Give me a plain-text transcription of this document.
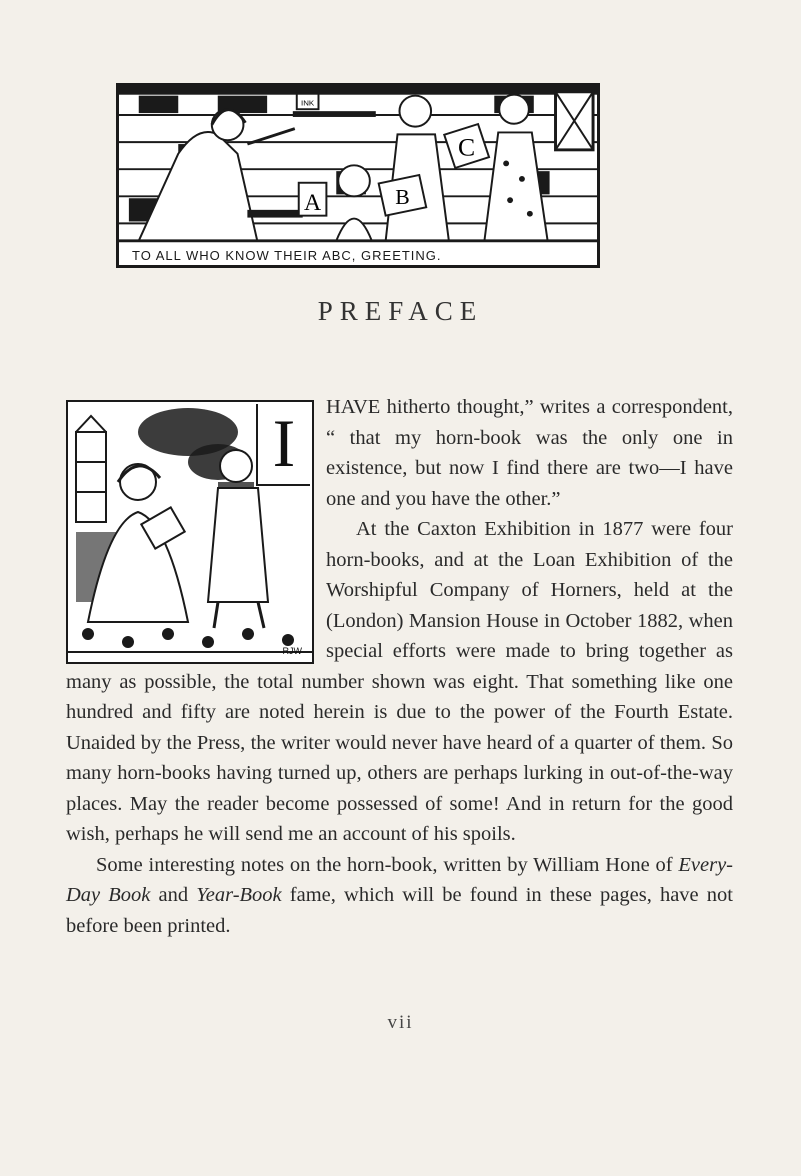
INK
A	B
C
TO ALL WHO KNOW THEIR ABC, GREETING.
PREFACE

HAVE hitherto thought,” writes a correspondent, “ that my horn-book was the only one in existence, but now I find there are two—I have one and you have the other.”

At the Caxton Exhibition in 1877 were four horn-books, and at the Loan Exhibition of the Worshipful Company of Horners, held at the (London) Mansion House in October 1882, when special efforts were made to bring together as many as possible, the total number shown was eight. That something like one hundred and fifty are noted herein is due to the power of the Fourth Estate. Unaided by the Press, the writer would never have heard of a quarter of them. So many horn-books having turned up, others are perhaps lurking in out-of-the-way places. May the reader become possessed of some! And in return for the good wish, perhaps he will send me an account of his spoils.

Some interesting notes on the horn-book, written by William Hone of Every-Day Book and Year-Book fame, which will be found in these pages, have not before been printed.

I
RJW
vii
